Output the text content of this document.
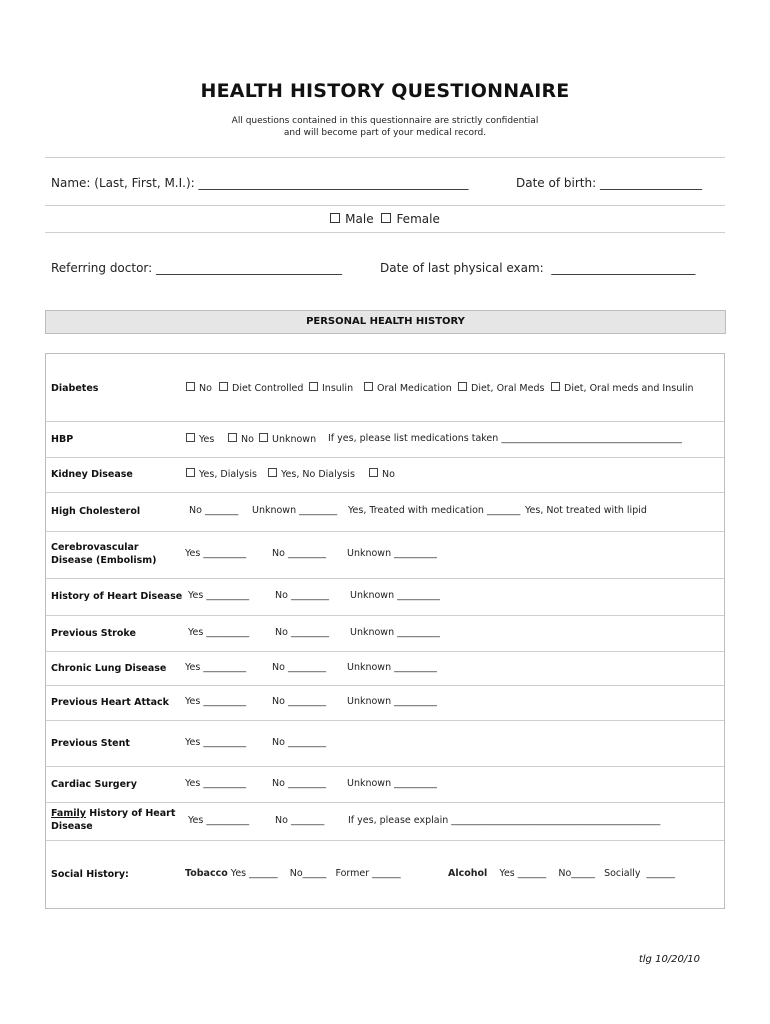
HEALTH HISTORY QUESTIONNAIRE
All questions contained in this questionnaire are strictly confidential
and will become part of your medical record.
Name: (Last, First, M.I.): _____________________________________________	Date of birth: _________________
Male Female
Referring doctor: _______________________________	Date of last physical exam: ________________________
PERSONAL HEALTH HISTORY
Diabetes	No	Diet Controlled	Insulin	Oral Medication	Diet, Oral Meds	Diet, Oral meds and Insulin
HBP	Yes	No	Unknown If yes, please list medications taken ______________________________________
Kidney Disease	Yes, Dialysis	Yes, No Dialysis	No
High Cholesterol	No _______ Unknown ________ Yes, Treated with medication _______ Yes, Not treated with lipid
Cerebrovascular
Disease (Embolism)
Yes _________	No ________ Unknown _________
History of Heart Disease Yes _________	No ________ Unknown _________
Previous Stroke	Yes _________	No ________ Unknown _________
Chronic Lung Disease Yes _________	No ________ Unknown _________
Previous Heart Attack Yes _________	No ________ Unknown _________
Previous Stent	Yes _________	No ________
Cardiac Surgery	Yes _________	No ________ Unknown _________
Family History of Heart
Disease
Yes _________	No _______	If yes, please explain ____________________________________________
Social History:	Tobacco Yes ______    No_____   Former ______	Alcohol Yes ______    No_____   Socially  ______
tlg 10/20/10
